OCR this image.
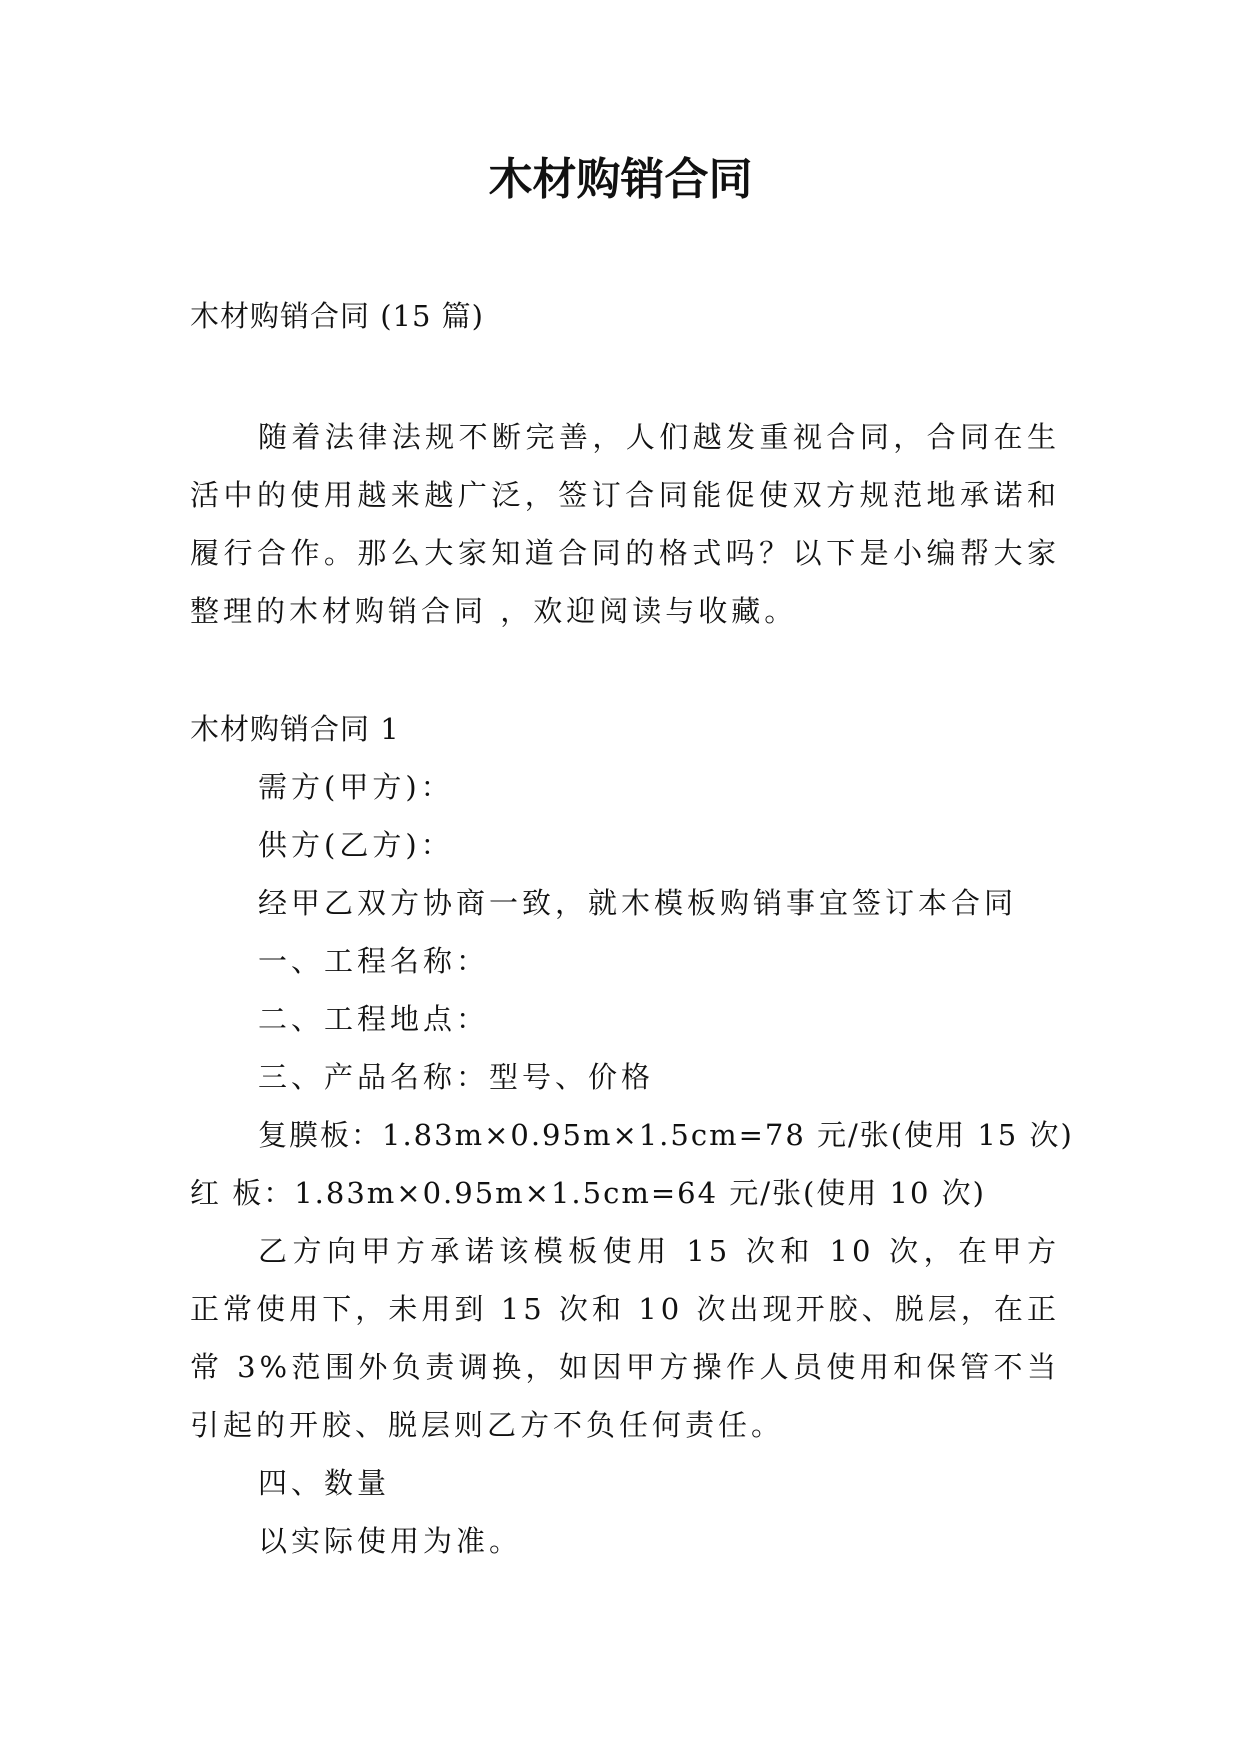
木材购销合同

木材购销合同 (15 篇)

随着法律法规不断完善，人们越发重视合同，合同在生活中的使用越来越广泛，签订合同能促使双方规范地承诺和履行合作。那么大家知道合同的格式吗？以下是小编帮大家整理的木材购销合同 ，欢迎阅读与收藏。

木材购销合同 1

需方(甲方)：

供方(乙方)：

经甲乙双方协商一致，就木模板购销事宜签订本合同

一、工程名称：

二、工程地点：

三、产品名称：型号、价格

复膜板：1.83m×0.95m×1.5cm=78 元/张(使用 15 次)

红 板：1.83m×0.95m×1.5cm=64 元/张(使用 10 次)

乙方向甲方承诺该模板使用 15 次和 10 次，在甲方正常使用下，未用到 15 次和 10 次出现开胶、脱层，在正常 3%范围外负责调换，如因甲方操作人员使用和保管不当引起的开胶、脱层则乙方不负任何责任。

四、数量

以实际使用为准。
